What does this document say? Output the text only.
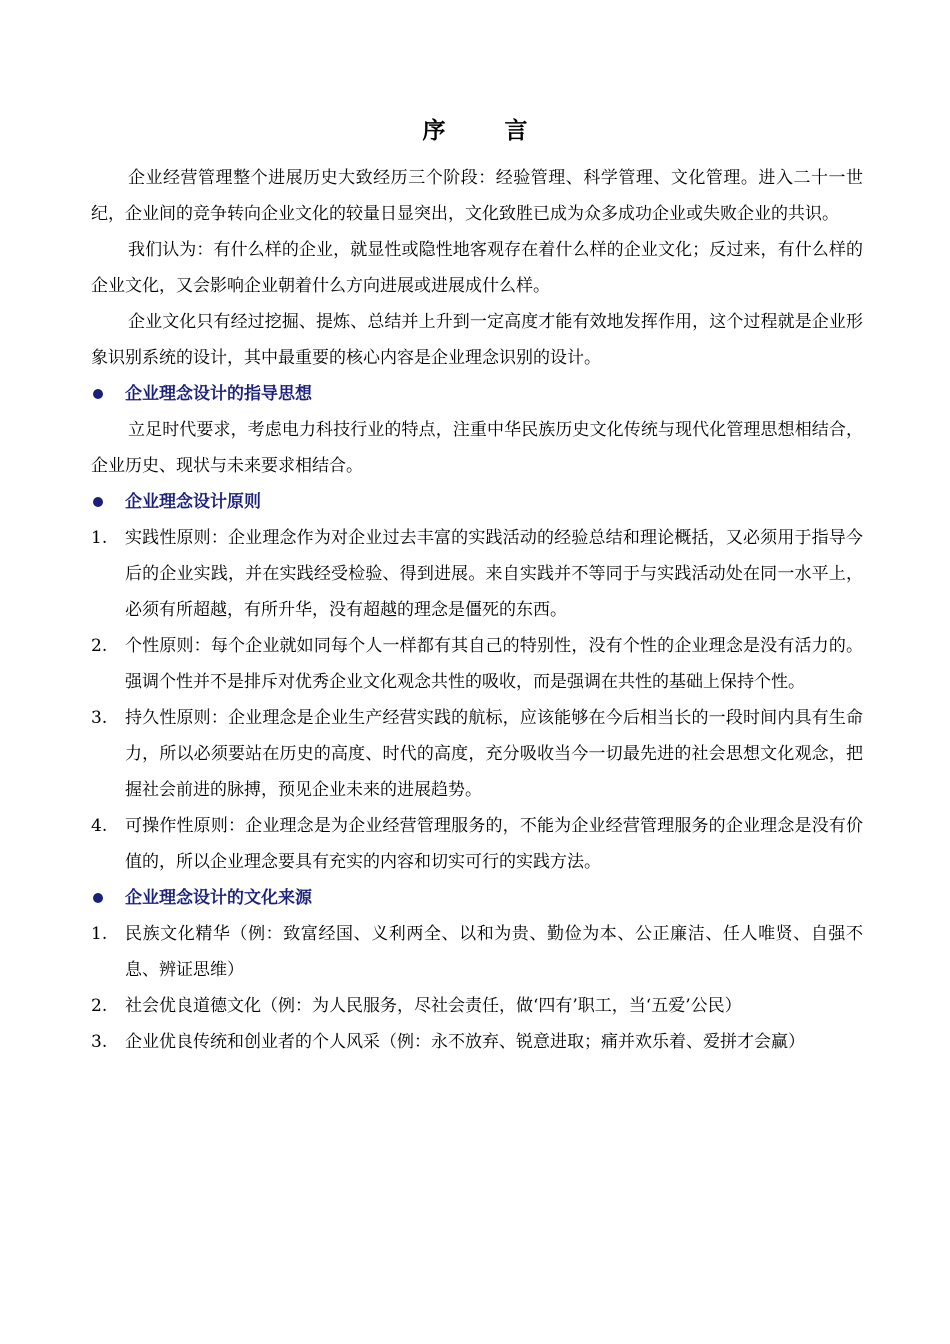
序　言

企业经营管理整个进展历史大致经历三个阶段：经验管理、科学管理、文化管理。进入二十一世纪，企业间的竞争转向企业文化的较量日显突出，文化致胜已成为众多成功企业或失败企业的共识。

我们认为：有什么样的企业，就显性或隐性地客观存在着什么样的企业文化；反过来，有什么样的企业文化，又会影响企业朝着什么方向进展或进展成什么样。

企业文化只有经过挖掘、提炼、总结并上升到一定高度才能有效地发挥作用，这个过程就是企业形象识别系统的设计，其中最重要的核心内容是企业理念识别的设计。

企业理念设计的指导思想

立足时代要求，考虑电力科技行业的特点，注重中华民族历史文化传统与现代化管理思想相结合，企业历史、现状与未来要求相结合。

企业理念设计原则
1. 实践性原则：企业理念作为对企业过去丰富的实践活动的经验总结和理论概括，又必须用于指导今后的企业实践，并在实践经受检验、得到进展。来自实践并不等同于与实践活动处在同一水平上，必须有所超越，有所升华，没有超越的理念是僵死的东西。
2. 个性原则：每个企业就如同每个人一样都有其自己的特别性，没有个性的企业理念是没有活力的。强调个性并不是排斥对优秀企业文化观念共性的吸收，而是强调在共性的基础上保持个性。
3. 持久性原则：企业理念是企业生产经营实践的航标，应该能够在今后相当长的一段时间内具有生命力，所以必须要站在历史的高度、时代的高度，充分吸收当今一切最先进的社会思想文化观念，把握社会前进的脉搏，预见企业未来的进展趋势。
4. 可操作性原则：企业理念是为企业经营管理服务的，不能为企业经营管理服务的企业理念是没有价值的，所以企业理念要具有充实的内容和切实可行的实践方法。
企业理念设计的文化来源
1. 民族文化精华（例：致富经国、义利两全、以和为贵、勤俭为本、公正廉洁、任人唯贤、自强不息、辨证思维）
2. 社会优良道德文化（例：为人民服务，尽社会责任，做‘四有’职工，当‘五爱’公民）
3. 企业优良传统和创业者的个人风采（例：永不放弃、锐意进取；痛并欢乐着、爱拼才会赢）
